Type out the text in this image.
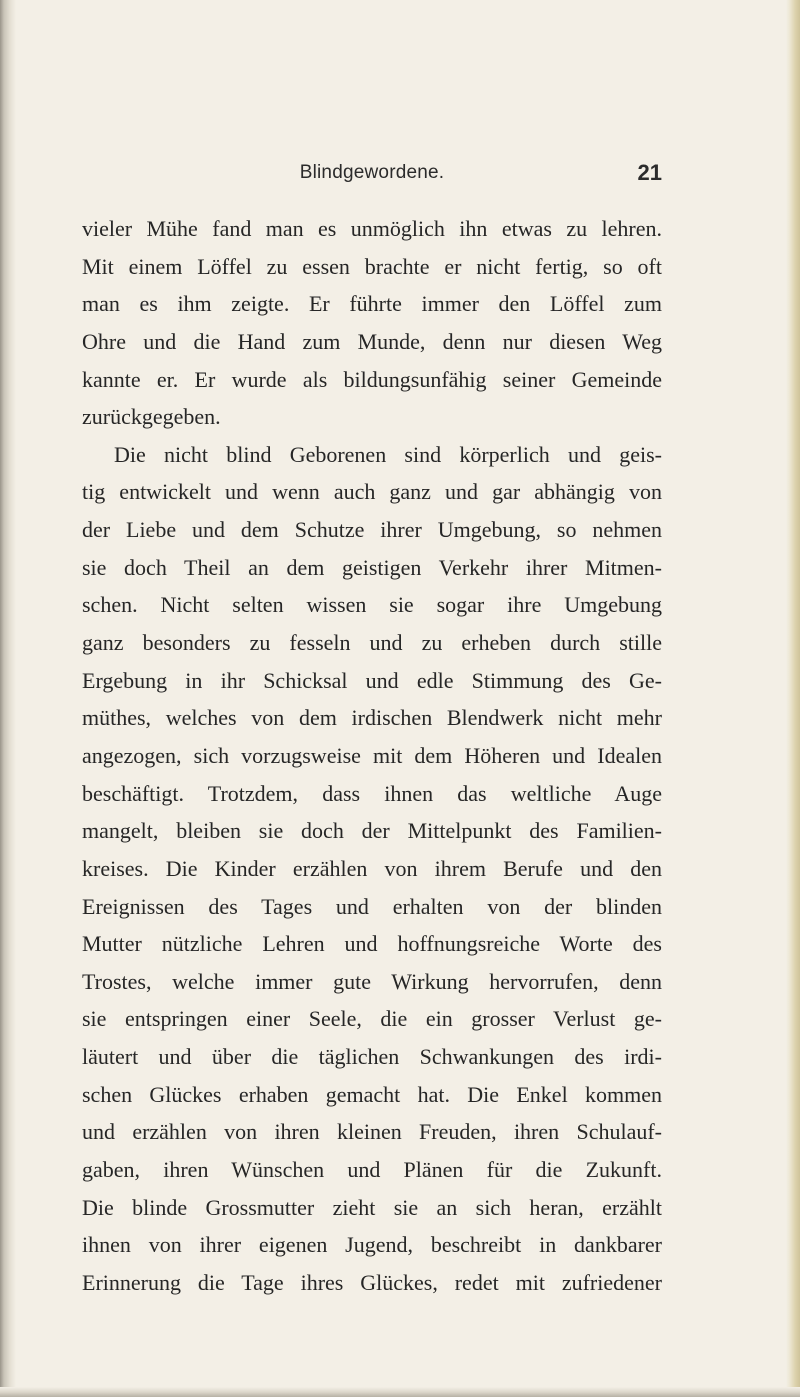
Blindgewordene.	21
vieler Mühe fand man es unmöglich ihn etwas zu lehren.
Mit einem Löffel zu essen brachte er nicht fertig, so oft
man es ihm zeigte. Er führte immer den Löffel zum
Ohre und die Hand zum Munde, denn nur diesen Weg
kannte er. Er wurde als bildungsunfähig seiner Gemeinde
zurückgegeben.
Die nicht blind Geborenen sind körperlich und geis-
tig entwickelt und wenn auch ganz und gar abhängig von
der Liebe und dem Schutze ihrer Umgebung, so nehmen
sie doch Theil an dem geistigen Verkehr ihrer Mitmen-
schen. Nicht selten wissen sie sogar ihre Umgebung
ganz besonders zu fesseln und zu erheben durch stille
Ergebung in ihr Schicksal und edle Stimmung des Ge-
müthes, welches von dem irdischen Blendwerk nicht mehr
angezogen, sich vorzugsweise mit dem Höheren und Idealen
beschäftigt. Trotzdem, dass ihnen das weltliche Auge
mangelt, bleiben sie doch der Mittelpunkt des Familien-
kreises. Die Kinder erzählen von ihrem Berufe und den
Ereignissen des Tages und erhalten von der blinden
Mutter nützliche Lehren und hoffnungsreiche Worte des
Trostes, welche immer gute Wirkung hervorrufen, denn
sie entspringen einer Seele, die ein grosser Verlust ge-
läutert und über die täglichen Schwankungen des irdi-
schen Glückes erhaben gemacht hat. Die Enkel kommen
und erzählen von ihren kleinen Freuden, ihren Schulauf-
gaben, ihren Wünschen und Plänen für die Zukunft.
Die blinde Grossmutter zieht sie an sich heran, erzählt
ihnen von ihrer eigenen Jugend, beschreibt in dankbarer
Erinnerung die Tage ihres Glückes, redet mit zufriedener
